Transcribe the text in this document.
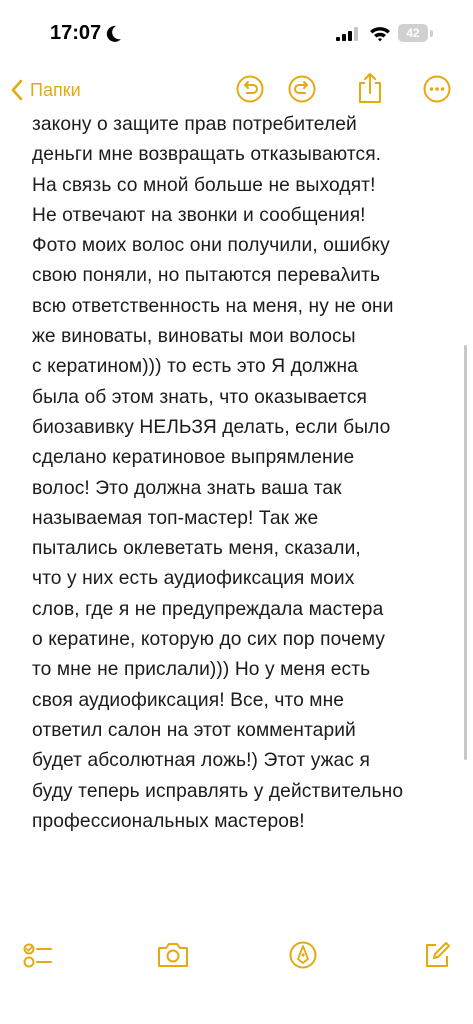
17:07	42
Папки
закону о защите прав потребителей
деньги мне возвращать отказываются.
На связь со мной больше не выходят!
Не отвечают на звонки и сообщения!
Фото моих волос они получили, ошибку
свою поняли, но пытаются переваλить
всю ответственность на меня, ну не они
же виноваты, виноваты мои волосы
с кератином))) то есть это Я должна
была об этом знать, что оказывается
биозавивку НЕЛЬЗЯ делать, если было
сделано кератиновое выпрямление
волос! Это должна знать ваша так
называемая топ-мастер! Так же
пытались оклеветать меня, сказали,
что у них есть аудиофиксация моих
слов, где я не предупреждала мастера
о кератине, которую до сих пор почему
то мне не прислали))) Но у меня есть
своя аудиофиксация! Все, что мне
ответил салон на этот комментарий
будет абсолютная ложь!) Этот ужас я
буду теперь исправлять у действительно
профессиональных мастеров!
